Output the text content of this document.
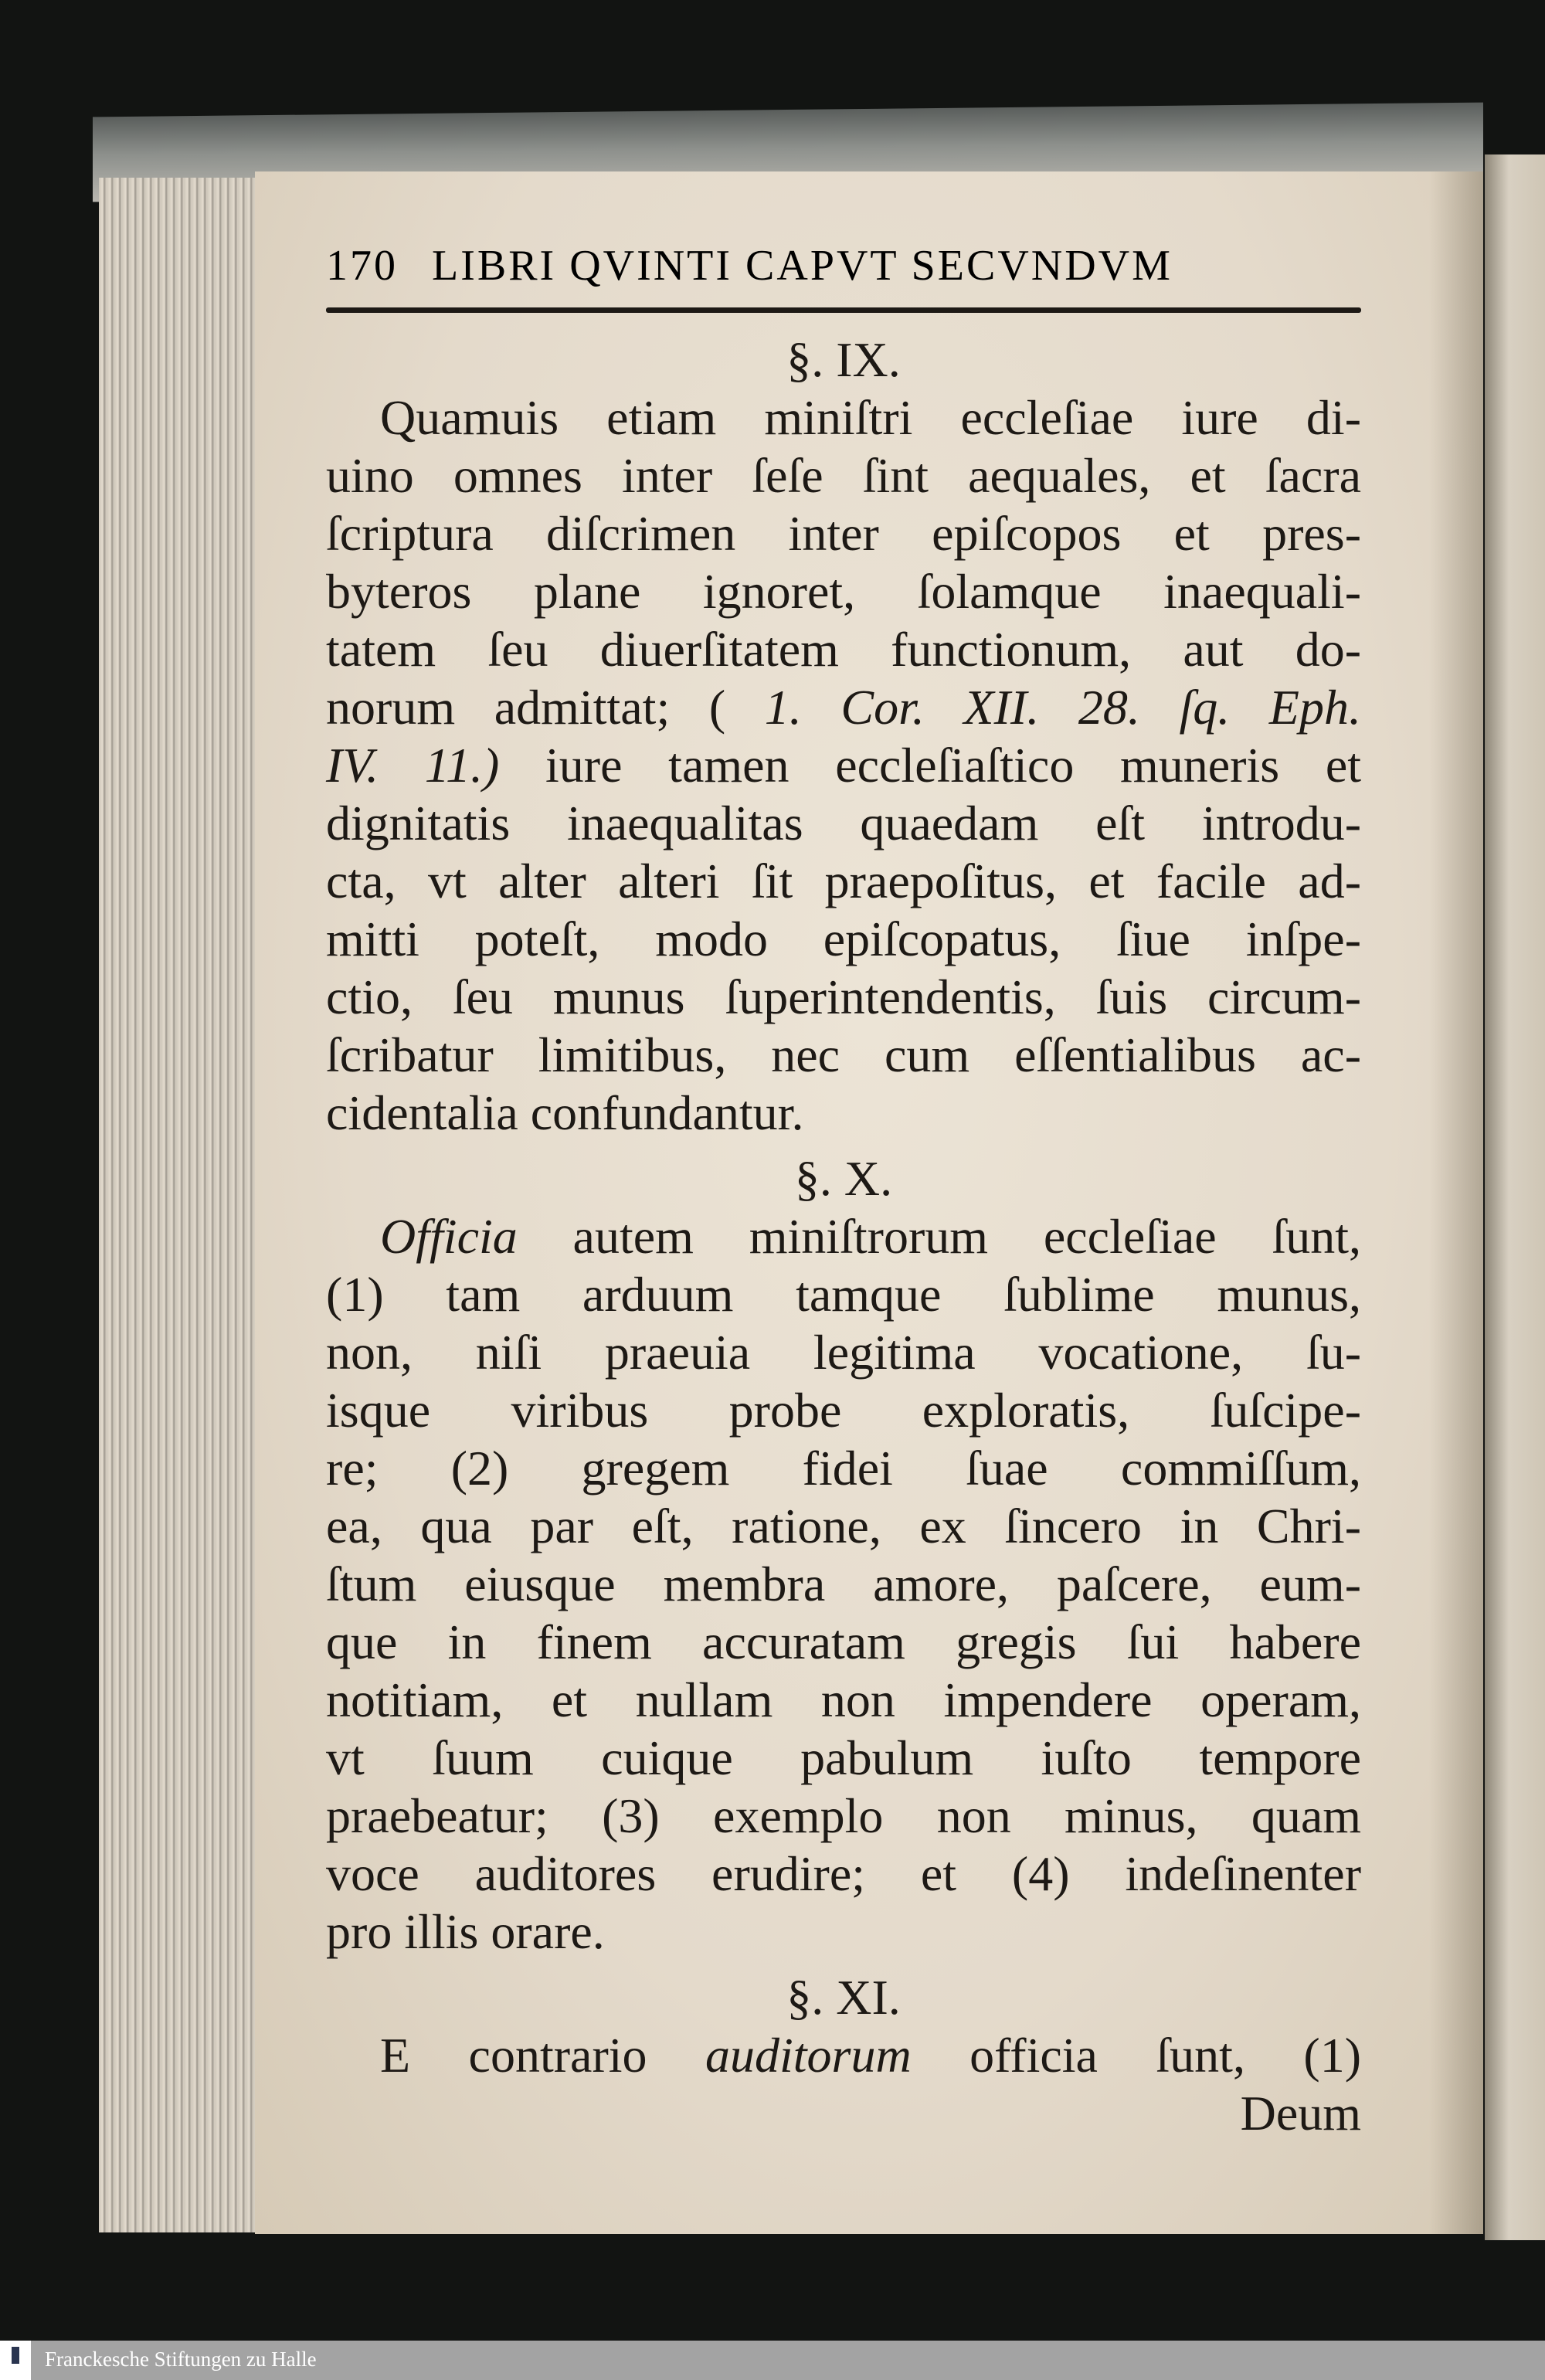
170 LIBRI QVINTI CAPVT SECVNDVM
§. IX.
Quamuis etiam miniſtri eccleſiae iure di-
uino omnes inter ſeſe ſint aequales, et ſacra
ſcriptura diſcrimen inter epiſcopos et pres-
byteros plane ignoret, ſolamque inaequali-
tatem ſeu diuerſitatem functionum, aut do-
norum admittat; ( 1. Cor. XII. 28. ſq. Eph.
IV. 11.) iure tamen eccleſiaſtico muneris et
dignitatis inaequalitas quaedam eſt introdu-
cta, vt alter alteri ſit praepoſitus, et facile ad-
mitti poteſt, modo epiſcopatus, ſiue inſpe-
ctio, ſeu munus ſuperintendentis, ſuis circum-
ſcribatur limitibus, nec cum eſſentialibus ac-
cidentalia confundantur.
§. X.
Officia autem miniſtrorum eccleſiae ſunt,
(1) tam arduum tamque ſublime munus,
non, niſi praeuia legitima vocatione, ſu-
isque viribus probe exploratis, ſuſcipe-
re; (2) gregem fidei ſuae commiſſum,
ea, qua par eſt, ratione, ex ſincero in Chri-
ſtum eiusque membra amore, paſcere, eum-
que in finem accuratam gregis ſui habere
notitiam, et nullam non impendere operam,
vt ſuum cuique pabulum iuſto tempore
praebeatur; (3) exemplo non minus, quam
voce auditores erudire; et (4) indeſinenter
pro illis orare.
§. XI.
E contrario auditorum officia ſunt, (1)
Deum
Franckesche Stiftungen zu Halle
